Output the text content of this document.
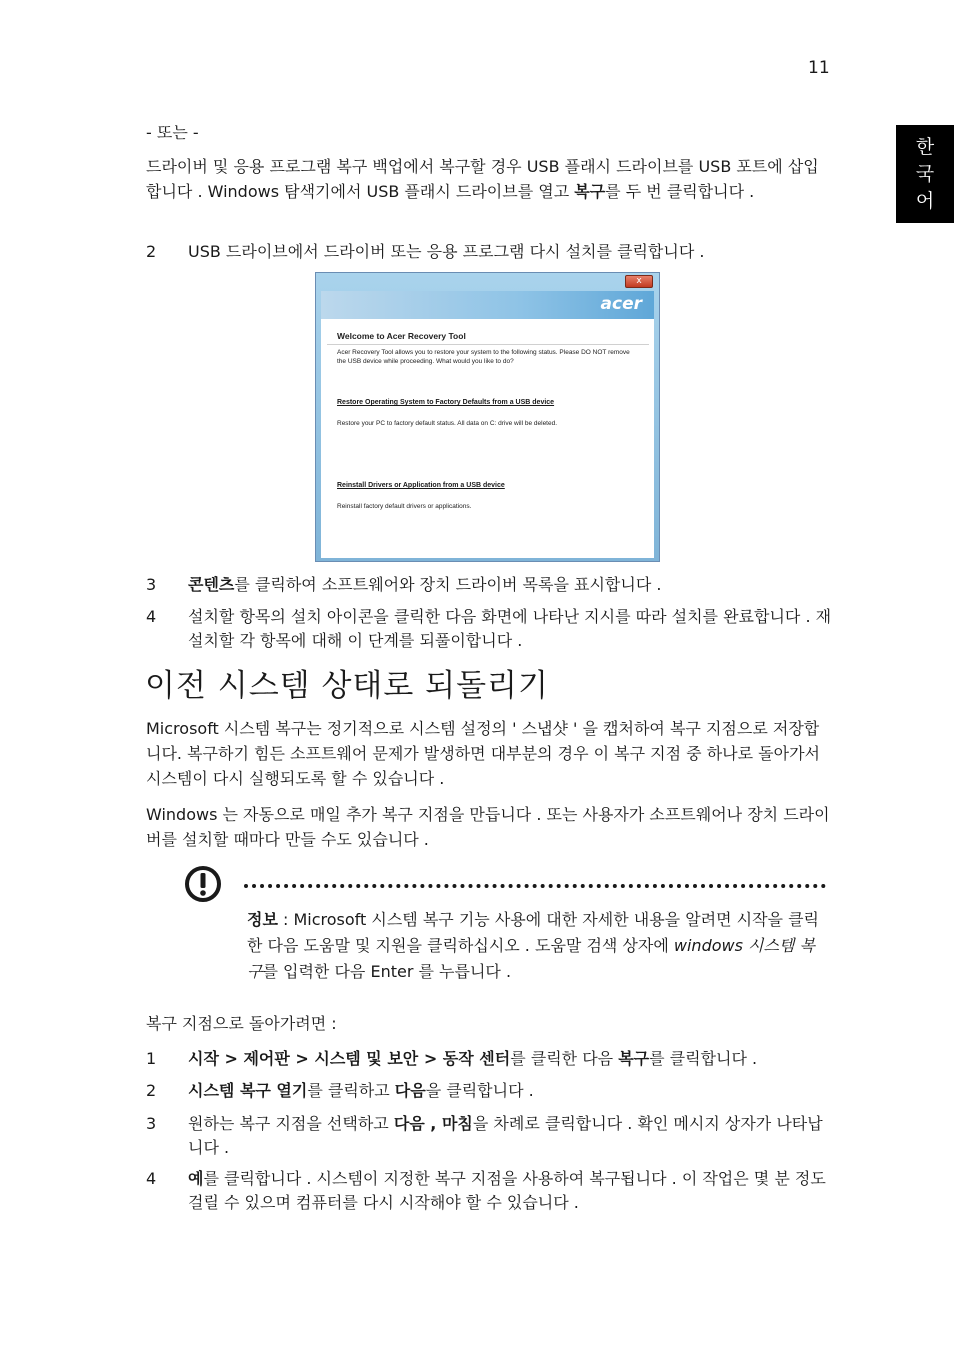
11
한
국
어
- 또는 -
드라이버 및 응용 프로그램 복구 백업에서 복구할 경우 USB 플래시 드라이브를 USB 포트에 삽입합니다 . Windows 탐색기에서 USB 플래시 드라이브를 열고 복구를 두 번 클릭합니다 .
2	USB 드라이브에서 드라이버 또는 응용 프로그램 다시 설치를 클릭합니다 .
x
acer
Welcome to Acer Recovery Tool
Acer Recovery Tool allows you to restore your system to the following status. Please DO NOT remove the USB device while proceeding. What would you like to do?
Restore Operating System to Factory Defaults from a USB device
Restore your PC to factory default status. All data on C: drive will be deleted.
Reinstall Drivers or Application from a USB device
Reinstall factory default drivers or applications.
3	콘텐츠를 클릭하여 소프트웨어와 장치 드라이버 목록을 표시합니다 .
4	설치할 항목의 설치 아이콘을 클릭한 다음 화면에 나타난 지시를 따라 설치를 완료합니다 . 재설치할 각 항목에 대해 이 단계를 되풀이합니다 .
이전 시스템 상태로 되돌리기
Microsoft 시스템 복구는 정기적으로 시스템 설정의 ' 스냅샷 ' 을 캡처하여 복구 지점으로 저장합니다. 복구하기 힘든 소프트웨어 문제가 발생하면 대부분의 경우 이 복구 지점 중 하나로 돌아가서 시스템이 다시 실행되도록 할 수 있습니다 .
Windows 는 자동으로 매일 추가 복구 지점을 만듭니다 . 또는 사용자가 소프트웨어나 장치 드라이버를 설치할 때마다 만들 수도 있습니다 .
정보 : Microsoft 시스템 복구 기능 사용에 대한 자세한 내용을 알려면 시작을 클릭한 다음 도움말 및 지원을 클릭하십시오 . 도움말 검색 상자에 windows 시스템 복구를 입력한 다음 Enter 를 누릅니다 .
복구 지점으로 돌아가려면 :
1	시작 > 제어판 > 시스템 및 보안 > 동작 센터를 클릭한 다음 복구를 클릭합니다 .
2	시스템 복구 열기를 클릭하고 다음을 클릭합니다 .
3	원하는 복구 지점을 선택하고 다음 , 마침을 차례로 클릭합니다 . 확인 메시지 상자가 나타납니다 .
4	예를 클릭합니다 . 시스템이 지정한 복구 지점을 사용하여 복구됩니다 . 이 작업은 몇 분 정도 걸릴 수 있으며 컴퓨터를 다시 시작해야 할 수 있습니다 .
